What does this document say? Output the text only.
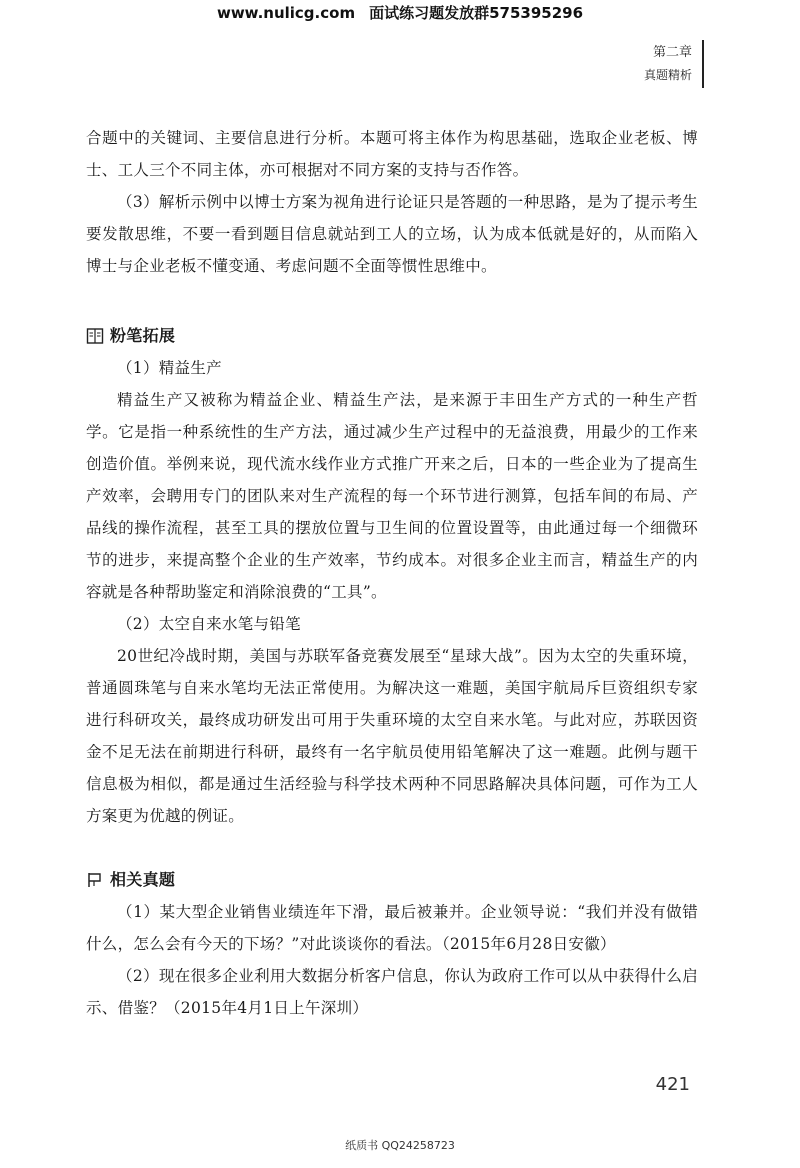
www.nulicg.com 面试练习题发放群575395296
第二章
真题精析

合题中的关键词、主要信息进行分析。本题可将主体作为构思基础，选取企业老板、博士、工人三个不同主体，亦可根据对不同方案的支持与否作答。

（3）解析示例中以博士方案为视角进行论证只是答题的一种思路，是为了提示考生要发散思维，不要一看到题目信息就站到工人的立场，认为成本低就是好的，从而陷入博士与企业老板不懂变通、考虑问题不全面等惯性思维中。

粉笔拓展

（1）精益生产

精益生产又被称为精益企业、精益生产法，是来源于丰田生产方式的一种生产哲学。它是指一种系统性的生产方法，通过减少生产过程中的无益浪费，用最少的工作来创造价值。举例来说，现代流水线作业方式推广开来之后，日本的一些企业为了提高生产效率，会聘用专门的团队来对生产流程的每一个环节进行测算，包括车间的布局、产品线的操作流程，甚至工具的摆放位置与卫生间的位置设置等，由此通过每一个细微环节的进步，来提高整个企业的生产效率，节约成本。对很多企业主而言，精益生产的内容就是各种帮助鉴定和消除浪费的“工具”。

（2）太空自来水笔与铅笔

20世纪冷战时期，美国与苏联军备竞赛发展至“星球大战”。因为太空的失重环境，普通圆珠笔与自来水笔均无法正常使用。为解决这一难题，美国宇航局斥巨资组织专家进行科研攻关，最终成功研发出可用于失重环境的太空自来水笔。与此对应，苏联因资金不足无法在前期进行科研，最终有一名宇航员使用铅笔解决了这一难题。此例与题干信息极为相似，都是通过生活经验与科学技术两种不同思路解决具体问题，可作为工人方案更为优越的例证。

相关真题

（1）某大型企业销售业绩连年下滑，最后被兼并。企业领导说：“我们并没有做错什么，怎么会有今天的下场？”对此谈谈你的看法。（2015年6月28日安徽）

（2）现在很多企业利用大数据分析客户信息，你认为政府工作可以从中获得什么启示、借鉴？（2015年4月1日上午深圳）

421
纸质书 QQ24258723
